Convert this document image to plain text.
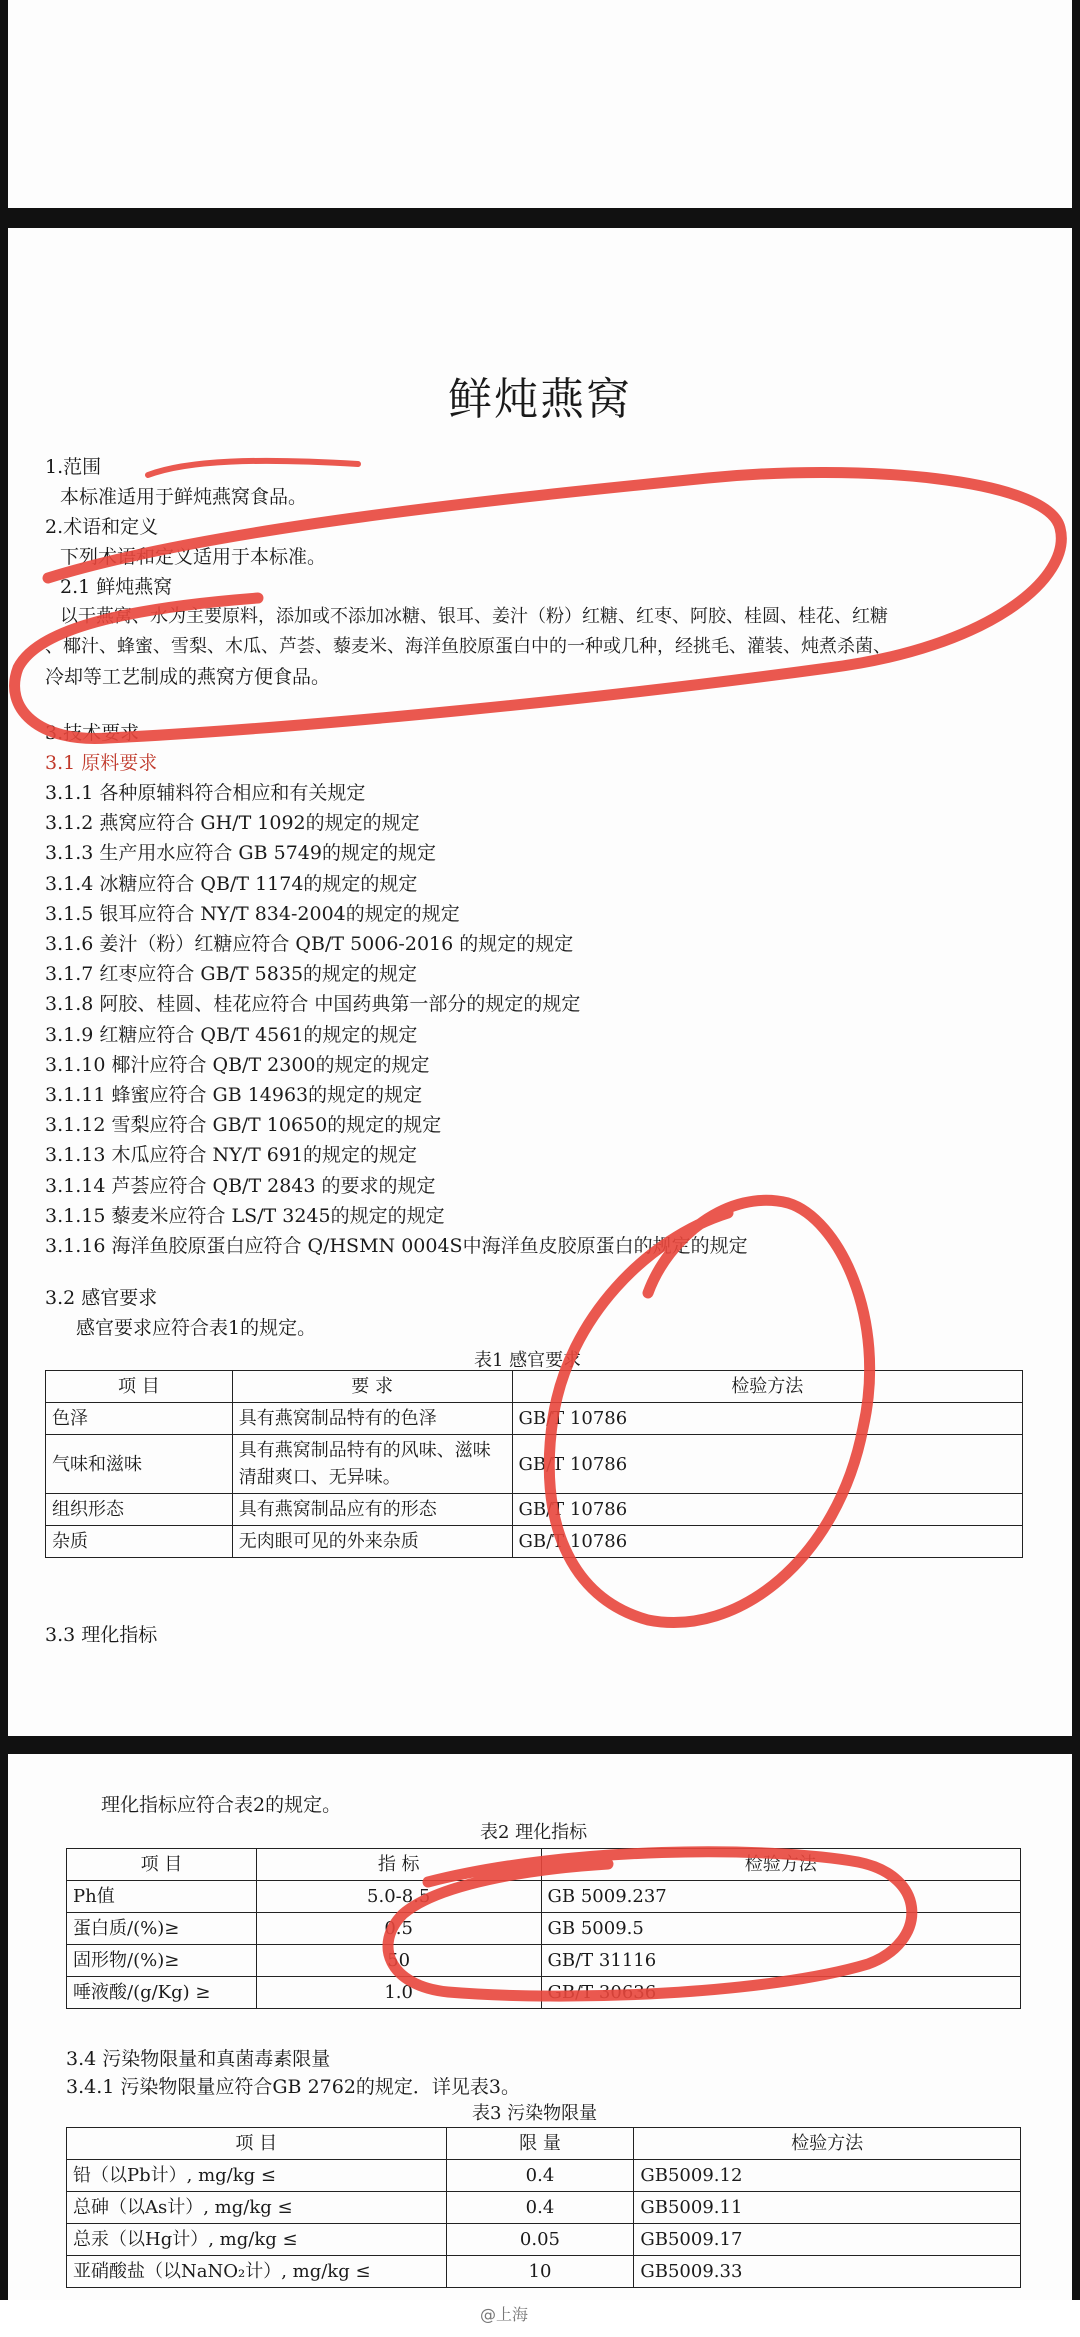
鲜炖燕窝
1.范围
本标准适用于鲜炖燕窝食品。
2.术语和定义
下列术语和定义适用于本标准。
2.1 鲜炖燕窝
以干燕窝、水为主要原料，添加或不添加冰糖、银耳、姜汁（粉）红糖、红枣、阿胶、桂圆、桂花、红糖
、椰汁、蜂蜜、雪梨、木瓜、芦荟、藜麦米、海洋鱼胶原蛋白中的一种或几种，经挑毛、灌装、炖煮杀菌、
冷却等工艺制成的燕窝方便食品。
3.技术要求
3.1 原料要求
3.1.1 各种原辅料符合相应和有关规定
3.1.2 燕窝应符合 GH/T 1092的规定的规定
3.1.3 生产用水应符合 GB 5749的规定的规定
3.1.4 冰糖应符合 QB/T 1174的规定的规定
3.1.5 银耳应符合 NY/T 834-2004的规定的规定
3.1.6 姜汁（粉）红糖应符合 QB/T 5006-2016 的规定的规定
3.1.7 红枣应符合 GB/T 5835的规定的规定
3.1.8 阿胶、桂圆、桂花应符合 中国药典第一部分的规定的规定
3.1.9 红糖应符合 QB/T 4561的规定的规定
3.1.10 椰汁应符合 QB/T 2300的规定的规定
3.1.11 蜂蜜应符合 GB 14963的规定的规定
3.1.12 雪梨应符合 GB/T 10650的规定的规定
3.1.13 木瓜应符合 NY/T 691的规定的规定
3.1.14 芦荟应符合 QB/T 2843 的要求的规定
3.1.15 藜麦米应符合 LS/T 3245的规定的规定
3.1.16 海洋鱼胶原蛋白应符合 Q/HSMN 0004S中海洋鱼皮胶原蛋白的规定的规定
3.2 感官要求
感官要求应符合表1的规定。
表1 感官要求
项 目	要 求	检验方法
色泽	具有燕窝制品特有的色泽	GB/T 10786
气味和滋味	具有燕窝制品特有的风味、滋味清甜爽口、无异味。	GB/T 10786
组织形态	具有燕窝制品应有的形态	GB/T 10786
杂质	无肉眼可见的外来杂质	GB/T 10786
3.3 理化指标
理化指标应符合表2的规定。
表2 理化指标
项 目	指 标	检验方法
Ph值	5.0-8.5	GB 5009.237
蛋白质/(%)≥	0.5	GB 5009.5
固形物/(%)≥	50	GB/T 31116
唾液酸/(g/Kg) ≥	1.0	GB/T 30636
3.4 污染物限量和真菌毒素限量
3.4.1 污染物限量应符合GB 2762的规定．详见表3。
表3 污染物限量
项 目	限 量	检验方法
铅（以Pb计）, mg/kg ≤	0.4	GB5009.12
总砷（以As计）, mg/kg ≤	0.4	GB5009.11
总汞（以Hg计）, mg/kg ≤	0.05	GB5009.17
亚硝酸盐（以NaNO₂计）, mg/kg ≤	10	GB5009.33
@上海
